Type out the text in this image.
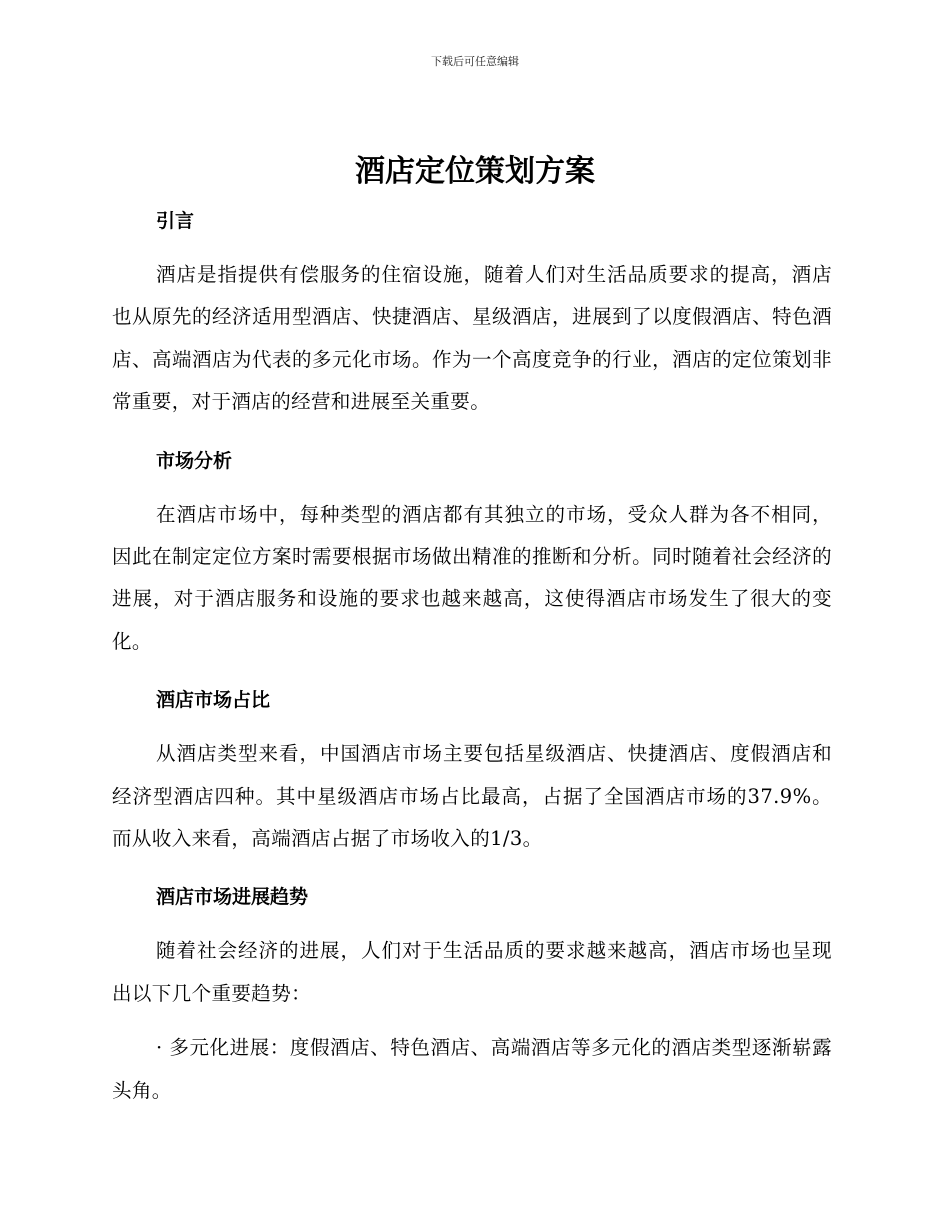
下载后可任意编辑
酒店定位策划方案
引言

酒店是指提供有偿服务的住宿设施，随着人们对生活品质要求的提高，酒店也从原先的经济适用型酒店、快捷酒店、星级酒店，进展到了以度假酒店、特色酒店、高端酒店为代表的多元化市场。作为一个高度竞争的行业，酒店的定位策划非常重要，对于酒店的经营和进展至关重要。

市场分析

在酒店市场中，每种类型的酒店都有其独立的市场，受众人群为各不相同，因此在制定定位方案时需要根据市场做出精准的推断和分析。同时随着社会经济的进展，对于酒店服务和设施的要求也越来越高，这使得酒店市场发生了很大的变化。

酒店市场占比

从酒店类型来看，中国酒店市场主要包括星级酒店、快捷酒店、度假酒店和经济型酒店四种。其中星级酒店市场占比最高，占据了全国酒店市场的37.9%。而从收入来看，高端酒店占据了市场收入的1/3。

酒店市场进展趋势

随着社会经济的进展，人们对于生活品质的要求越来越高，酒店市场也呈现出以下几个重要趋势：

· 多元化进展：度假酒店、特色酒店、高端酒店等多元化的酒店类型逐渐崭露头角。
